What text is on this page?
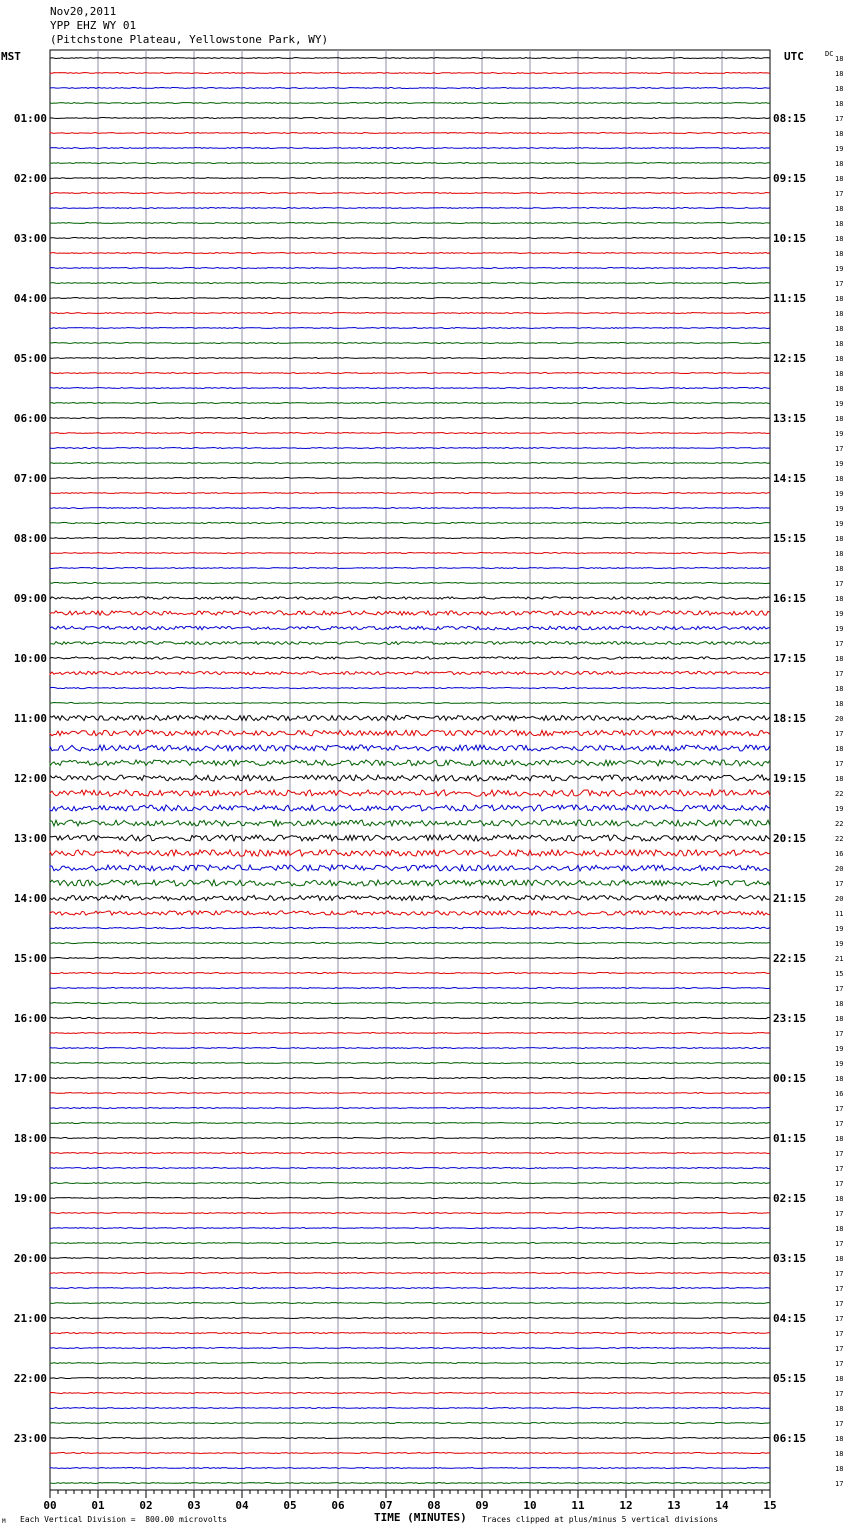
Nov20,2011
YPP EHZ WY 01
(Pitchstone Plateau, Yellowstone Park, WY)
MST	UTC	DC
18
18
18
18
17
18
19
18
18
17
18
18
18
18
19
17
18
18
18
18
18
18
18
19
18
19
17
19
18
19
19
19
18
18
18
17
18
19
19
17
18
17
18
18
20
17
18
17
18
22
19
22
22
16
20
17
20
11
19
19
21
15
17
18
18
17
19
19
18
16
17
17
18
17
17
17
18
17
18
17
18
17
17
17
17
17
17
17
18
17
18
17
18
18
18
17
01:00
02:00
03:00
04:00
05:00
06:00
07:00
08:00
09:00
10:00
11:00
12:00
13:00
14:00
15:00
16:00
17:00
18:00
19:00
20:00
21:00
22:00
23:00
08:15
09:15
10:15
11:15
12:15
13:15
14:15
15:15
16:15
17:15
18:15
19:15
20:15
21:15
22:15
23:15
00:15
01:15
02:15
03:15
04:15
05:15
06:15
00	01	02	03	04	05	06	07	08	09	10	11	12	13	14	15
TIME (MINUTES)
M Each Vertical Division =  800.00 microvolts	Traces clipped at plus/minus 5 vertical divisions
